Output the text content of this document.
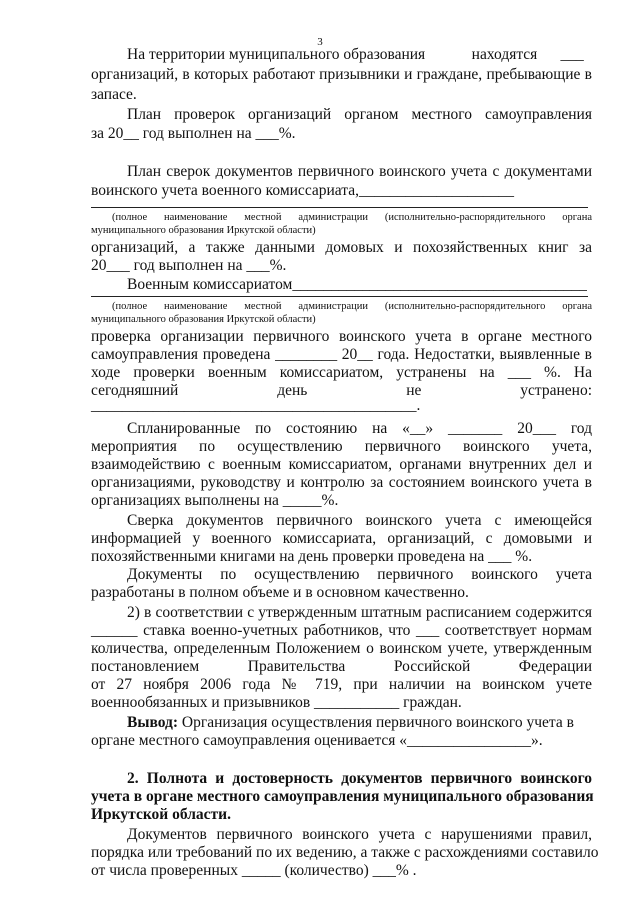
3
На территории муниципального образования            находятся      ___
организаций, в которых работают призывники и граждане, пребывающие в
запасе.
План проверок организаций органом местного самоуправления
за 20__ год выполнен на ___%.
План сверок документов первичного воинского учета с документами
воинского учета военного комиссариата,____________________
(полное наименование местной администрации (исполнительно-распорядительного органа
муниципального образования Иркутской области)
организаций, а также данными домовых и похозяйственных книг за
20___ год выполнен на ___%.
Военным комиссариатом______________________________________
(полное наименование местной администрации (исполнительно-распорядительного органа
муниципального образования Иркутской области)
проверка организации первичного воинского учета в органе местного
самоуправления проведена ________ 20__ года. Недостатки, выявленные в
ходе проверки военным комиссариатом, устранены на ___ %. На
сегодняшний день не устранено:
__________________________________________.
Спланированные по состоянию на «__» _______ 20___ год
мероприятия по осуществлению первичного воинского учета,
взаимодействию с военным комиссариатом, органами внутренних дел и
организациями, руководству и контролю за состоянием воинского учета в
организациях выполнены на _____%.
Сверка документов первичного воинского учета с имеющейся
информацией у военного комиссариата, организаций, с домовыми и
похозяйственными книгами на день проверки проведена на ___ %.
Документы по осуществлению первичного воинского учета
разработаны в полном объеме и в основном качественно.
2) в соответствии с утвержденным штатным расписанием содержится
______ ставка военно-учетных работников, что ___ соответствует нормам
количества, определенным Положением о воинском учете, утвержденным
постановлением Правительства Российской Федерации
от 27 ноября 2006 года № 719, при наличии на воинском учете
военнообязанных и призывников ___________ граждан.
Вывод: Организация осуществления первичного воинского учета в
органе местного самоуправления оценивается «________________».
2. Полнота и достоверность документов первичного воинского
учета в органе местного самоуправления муниципального образования
Иркутской области.
Документов первичного воинского учета с нарушениями правил,
порядка или требований по их ведению, а также с расхождениями составило
от числа проверенных _____ (количество) ___% .
